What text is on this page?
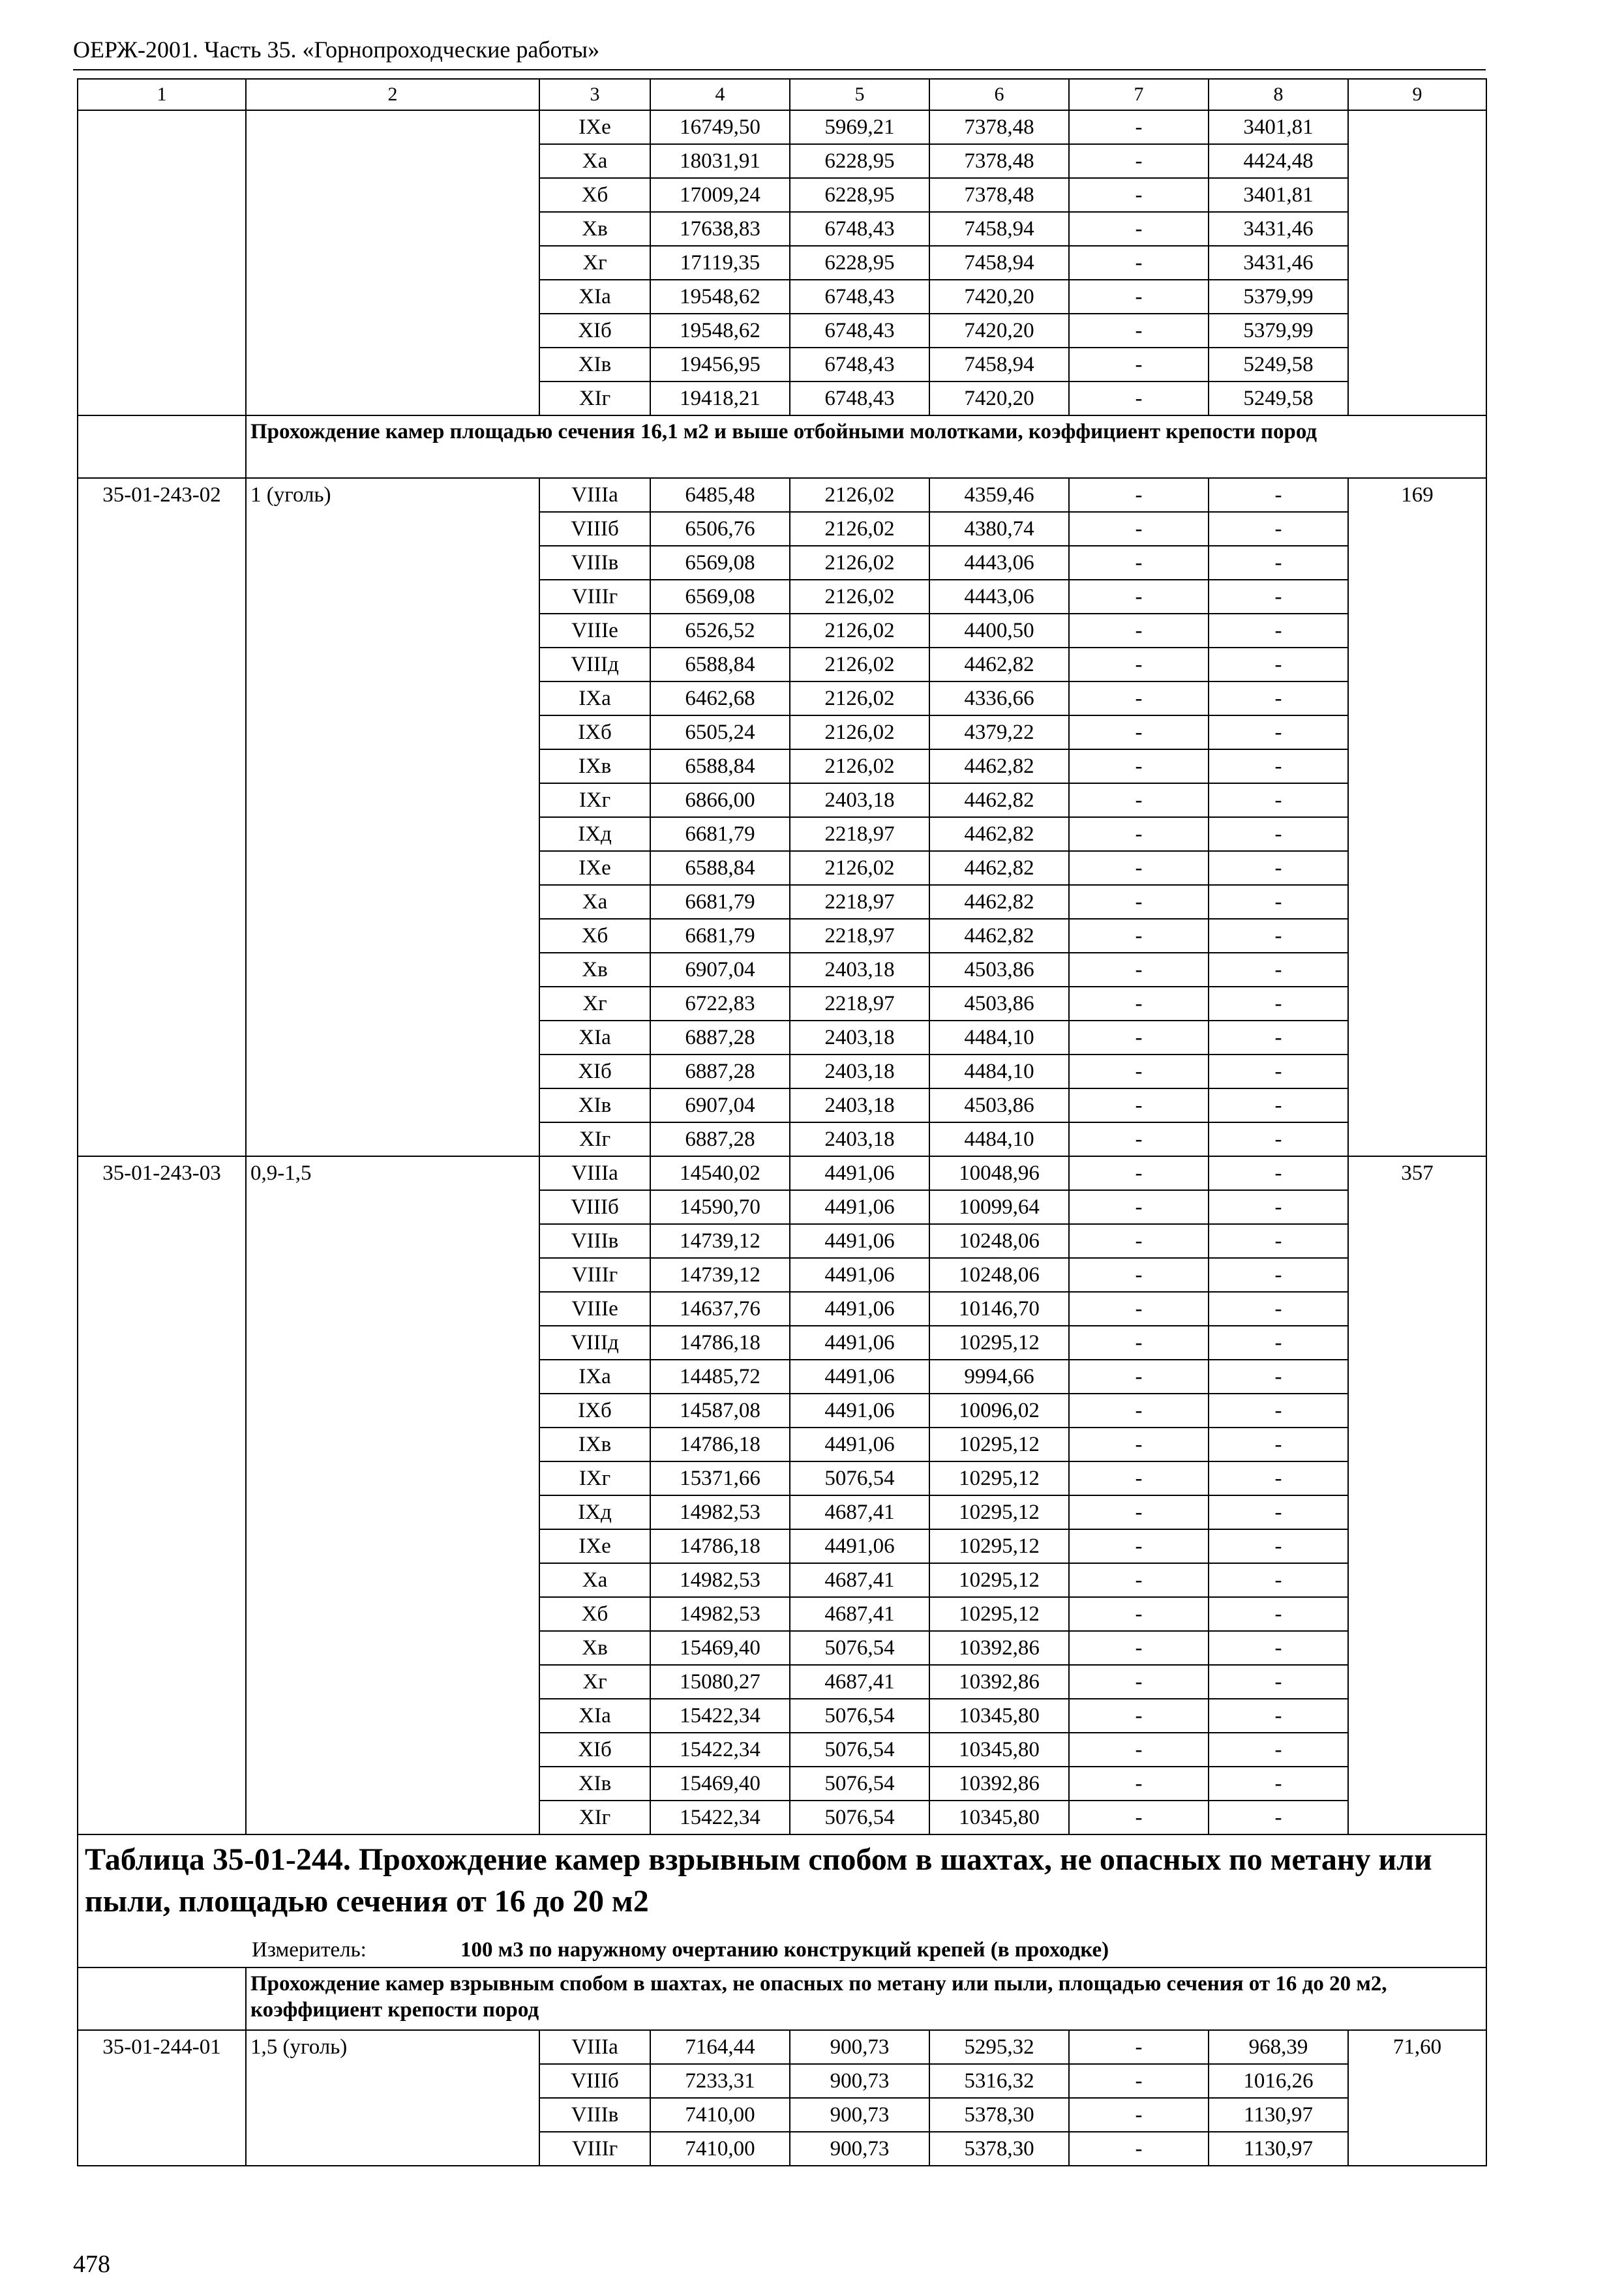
ОЕРЖ-2001. Часть 35. «Горнопроходческие работы»
1	2	3	4	5	6	7	8	9
		IXе	16749,50	5969,21	7378,48	-	3401,81	
		Xа	18031,91	6228,95	7378,48	-	4424,48	
		Xб	17009,24	6228,95	7378,48	-	3401,81	
		Xв	17638,83	6748,43	7458,94	-	3431,46	
		Xг	17119,35	6228,95	7458,94	-	3431,46	
		XIа	19548,62	6748,43	7420,20	-	5379,99	
		XIб	19548,62	6748,43	7420,20	-	5379,99	
		XIв	19456,95	6748,43	7458,94	-	5249,58	
		XIг	19418,21	6748,43	7420,20	-	5249,58	
	Прохождение камер площадью сечения 16,1 м2 и выше отбойными молотками, коэффициент крепости пород							
35-01-243-02	1 (уголь)	VIIIа	6485,48	2126,02	4359,46	-	-	169
		VIIIб	6506,76	2126,02	4380,74	-	-	
		VIIIв	6569,08	2126,02	4443,06	-	-	
		VIIIг	6569,08	2126,02	4443,06	-	-	
		VIIIе	6526,52	2126,02	4400,50	-	-	
		VIIIд	6588,84	2126,02	4462,82	-	-	
		IXа	6462,68	2126,02	4336,66	-	-	
		IXб	6505,24	2126,02	4379,22	-	-	
		IXв	6588,84	2126,02	4462,82	-	-	
		IXг	6866,00	2403,18	4462,82	-	-	
		IXд	6681,79	2218,97	4462,82	-	-	
		IXе	6588,84	2126,02	4462,82	-	-	
		Xа	6681,79	2218,97	4462,82	-	-	
		Xб	6681,79	2218,97	4462,82	-	-	
		Xв	6907,04	2403,18	4503,86	-	-	
		Xг	6722,83	2218,97	4503,86	-	-	
		XIа	6887,28	2403,18	4484,10	-	-	
		XIб	6887,28	2403,18	4484,10	-	-	
		XIв	6907,04	2403,18	4503,86	-	-	
		XIг	6887,28	2403,18	4484,10	-	-	
35-01-243-03	0,9-1,5	VIIIа	14540,02	4491,06	10048,96	-	-	357
		VIIIб	14590,70	4491,06	10099,64	-	-	
		VIIIв	14739,12	4491,06	10248,06	-	-	
		VIIIг	14739,12	4491,06	10248,06	-	-	
		VIIIе	14637,76	4491,06	10146,70	-	-	
		VIIIд	14786,18	4491,06	10295,12	-	-	
		IXа	14485,72	4491,06	9994,66	-	-	
		IXб	14587,08	4491,06	10096,02	-	-	
		IXв	14786,18	4491,06	10295,12	-	-	
		IXг	15371,66	5076,54	10295,12	-	-	
		IXд	14982,53	4687,41	10295,12	-	-	
		IXе	14786,18	4491,06	10295,12	-	-	
		Xа	14982,53	4687,41	10295,12	-	-	
		Xб	14982,53	4687,41	10295,12	-	-	
		Xв	15469,40	5076,54	10392,86	-	-	
		Xг	15080,27	4687,41	10392,86	-	-	
		XIа	15422,34	5076,54	10345,80	-	-	
		XIб	15422,34	5076,54	10345,80	-	-	
		XIв	15469,40	5076,54	10392,86	-	-	
		XIг	15422,34	5076,54	10345,80	-	-	
Таблица 35-01-244. Прохождение камер взрывным спобом в шахтах, не опасных по метану или пыли, площадью сечения от 16 до 20 м2								
Измеритель: 100 м3 по наружному очертанию конструкций крепей (в проходке)								
	Прохождение камер взрывным спобом в шахтах, не опасных по метану или пыли, площадью сечения от 16 до 20 м2, коэффициент крепости пород							
35-01-244-01	1,5 (уголь)	VIIIа	7164,44	900,73	5295,32	-	968,39	71,60
		VIIIб	7233,31	900,73	5316,32	-	1016,26	
		VIIIв	7410,00	900,73	5378,30	-	1130,97	
		VIIIг	7410,00	900,73	5378,30	-	1130,97	
478
